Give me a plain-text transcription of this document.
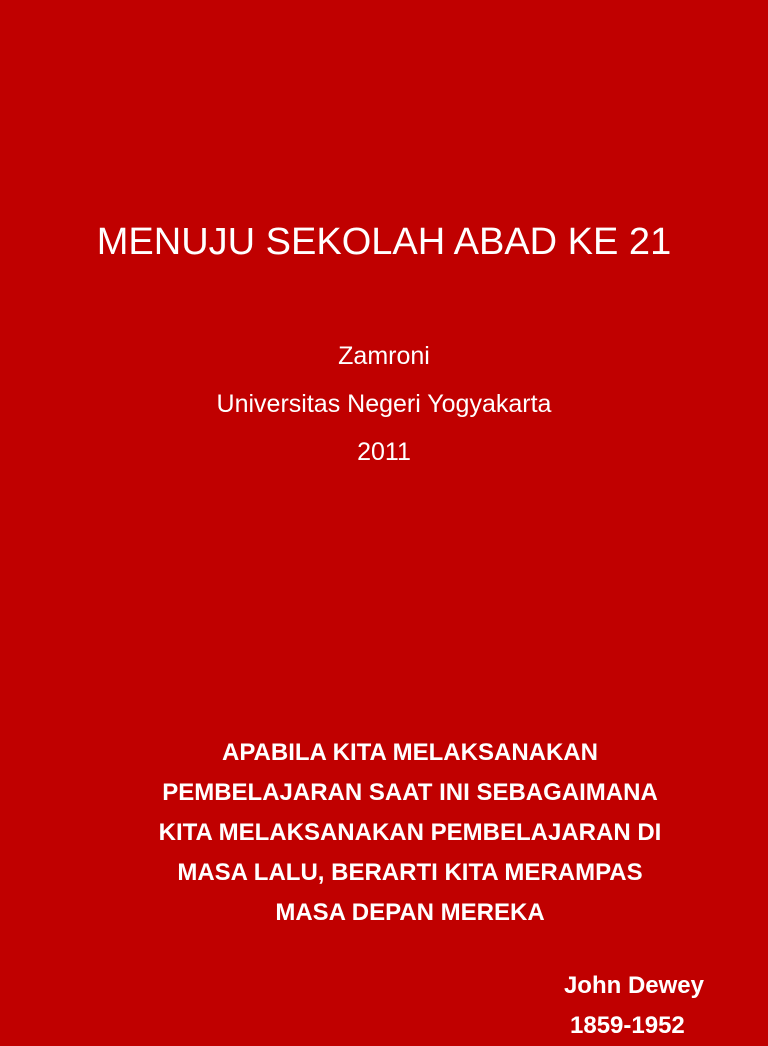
MENUJU SEKOLAH ABAD KE 21
Zamroni
Universitas Negeri Yogyakarta
2011
APABILA KITA MELAKSANAKAN
PEMBELAJARAN SAAT INI SEBAGAIMANA
KITA MELAKSANAKAN PEMBELAJARAN DI
MASA LALU, BERARTI KITA MERAMPAS
MASA DEPAN MEREKA
John Dewey
1859-1952
